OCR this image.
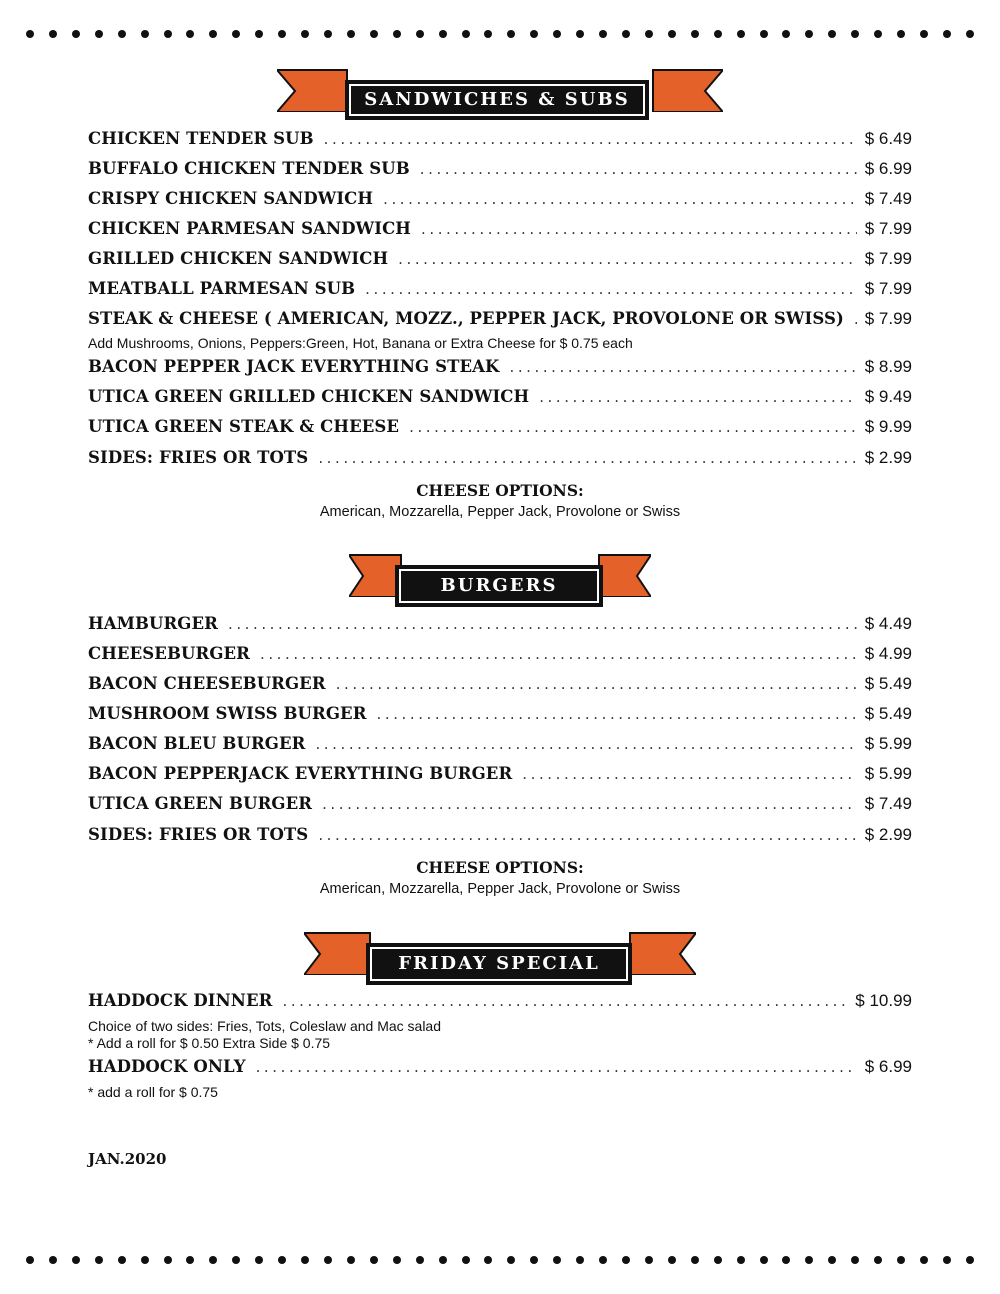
SANDWICHES & SUBS
CHICKEN TENDER SUB . . .	$ 6.49
BUFFALO CHICKEN TENDER SUB . . .	$ 6.99
CRISPY CHICKEN SANDWICH . . .	$ 7.49
CHICKEN PARMESAN SANDWICH . . .	$ 7.99
GRILLED CHICKEN SANDWICH . . .	$ 7.99
MEATBALL PARMESAN SUB . . .	$ 7.99
STEAK & CHEESE ( AMERICAN, MOZZ., PEPPER JACK, PROVOLONE OR SWISS) . . . $ 7.99
BACON PEPPER JACK EVERYTHING STEAK . . .	$ 8.99
UTICA GREEN GRILLED CHICKEN SANDWICH . . .	$ 9.49
UTICA GREEN STEAK & CHEESE . . .	$ 9.99
SIDES: FRIES OR TOTS . . .	$ 2.99
Add Mushrooms, Onions, Peppers:Green, Hot, Banana or Extra Cheese for $ 0.75 each
CHEESE OPTIONS:
American, Mozzarella, Pepper Jack, Provolone or Swiss
BURGERS
HAMBURGER . . .	$ 4.49
CHEESEBURGER . . .	$ 4.99
BACON CHEESEBURGER . . .	$ 5.49
MUSHROOM SWISS BURGER . . .	$ 5.49
BACON BLEU BURGER . . .	$ 5.99
BACON PEPPERJACK EVERYTHING BURGER . . .	$ 5.99
UTICA GREEN BURGER . . .	$ 7.49
SIDES: FRIES OR TOTS . . .	$ 2.99
CHEESE OPTIONS:
American, Mozzarella, Pepper Jack, Provolone or Swiss
FRIDAY SPECIAL
HADDOCK DINNER . . .	$ 10.99
HADDOCK ONLY . . .	$ 6.99
Choice of two sides: Fries, Tots, Coleslaw and Mac salad
* Add a roll for $ 0.50 Extra Side $ 0.75
* add a roll for $ 0.75
JAN.2020
